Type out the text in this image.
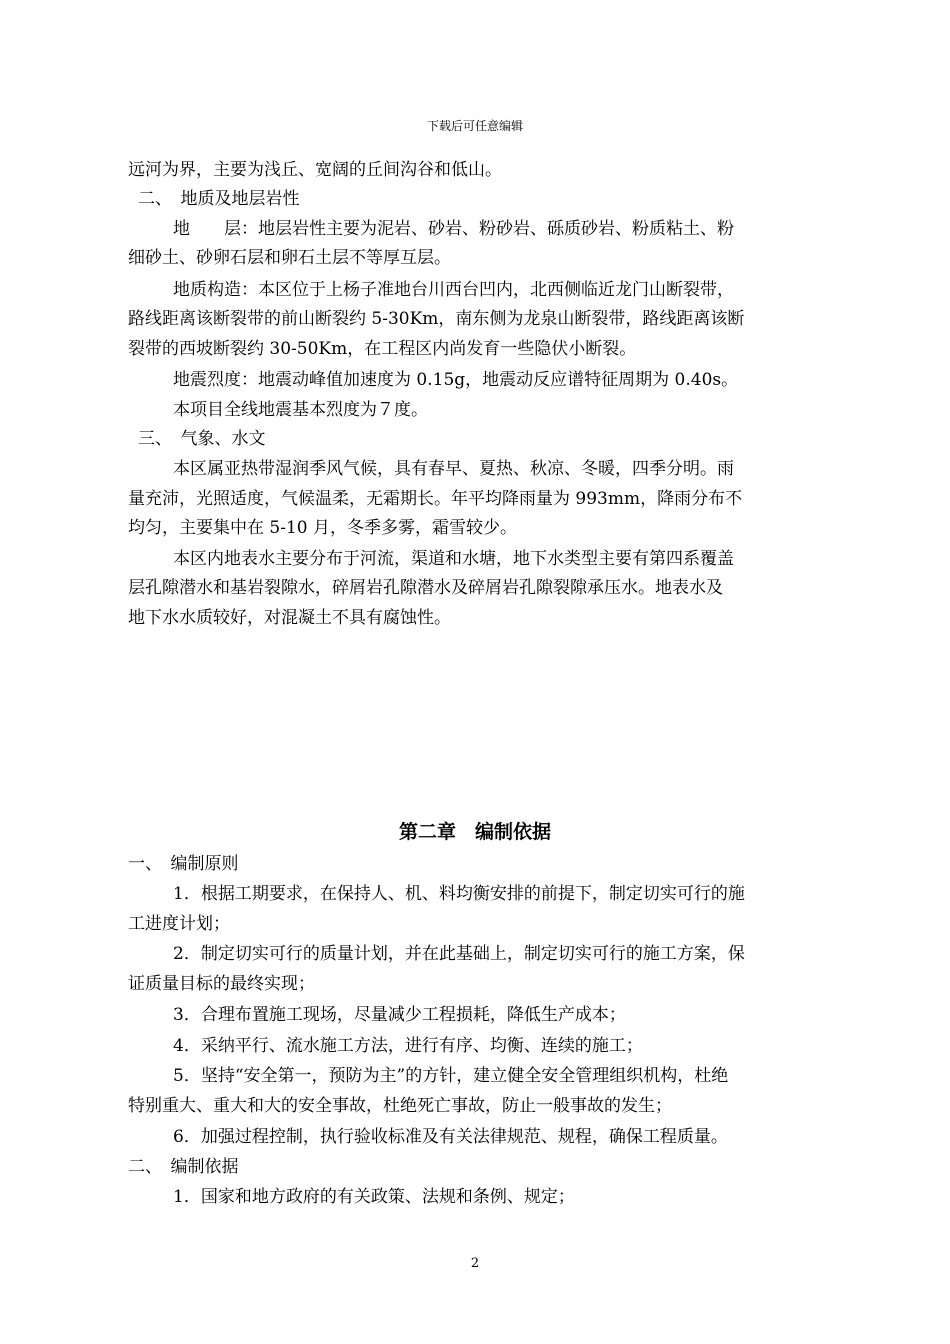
下载后可任意编辑
远河为界，主要为浅丘、宽阔的丘间沟谷和低山。
二、　地质及地层岩性
地　　层：地层岩性主要为泥岩、砂岩、粉砂岩、砾质砂岩、粉质粘土、粉
细砂土、砂卵石层和卵石土层不等厚互层。
地质构造：本区位于上杨子准地台川西台凹内，北西侧临近龙门山断裂带，
路线距离该断裂带的前山断裂约 5-30Km，南东侧为龙泉山断裂带，路线距离该断
裂带的西坡断裂约 30-50Km，在工程区内尚发育一些隐伏小断裂。
地震烈度：地震动峰值加速度为 0.15g，地震动反应谱特征周期为 0.40s。
本项目全线地震基本烈度为７度。
三、　气象、水文
本区属亚热带湿润季风气候，具有春早、夏热、秋凉、冬暖，四季分明。雨
量充沛，光照适度，气候温柔，无霜期长。年平均降雨量为 993mm，降雨分布不
均匀，主要集中在 5-10 月，冬季多雾，霜雪较少。
本区内地表水主要分布于河流，渠道和水塘，地下水类型主要有第四系覆盖
层孔隙潜水和基岩裂隙水，碎屑岩孔隙潜水及碎屑岩孔隙裂隙承压水。地表水及
地下水水质较好，对混凝土不具有腐蚀性。
第二章　编制依据
一、　编制原则
1．根据工期要求，在保持人、机、料均衡安排的前提下，制定切实可行的施
工进度计划；
2．制定切实可行的质量计划，并在此基础上，制定切实可行的施工方案，保
证质量目标的最终实现；
3．合理布置施工现场，尽量减少工程损耗，降低生产成本；
4．采纳平行、流水施工方法，进行有序、均衡、连续的施工；
5．坚持“安全第一，预防为主”的方针，建立健全安全管理组织机构，杜绝
特别重大、重大和大的安全事故，杜绝死亡事故，防止一般事故的发生；
6．加强过程控制，执行验收标准及有关法律规范、规程，确保工程质量。
二、　编制依据
1．国家和地方政府的有关政策、法规和条例、规定；
2
